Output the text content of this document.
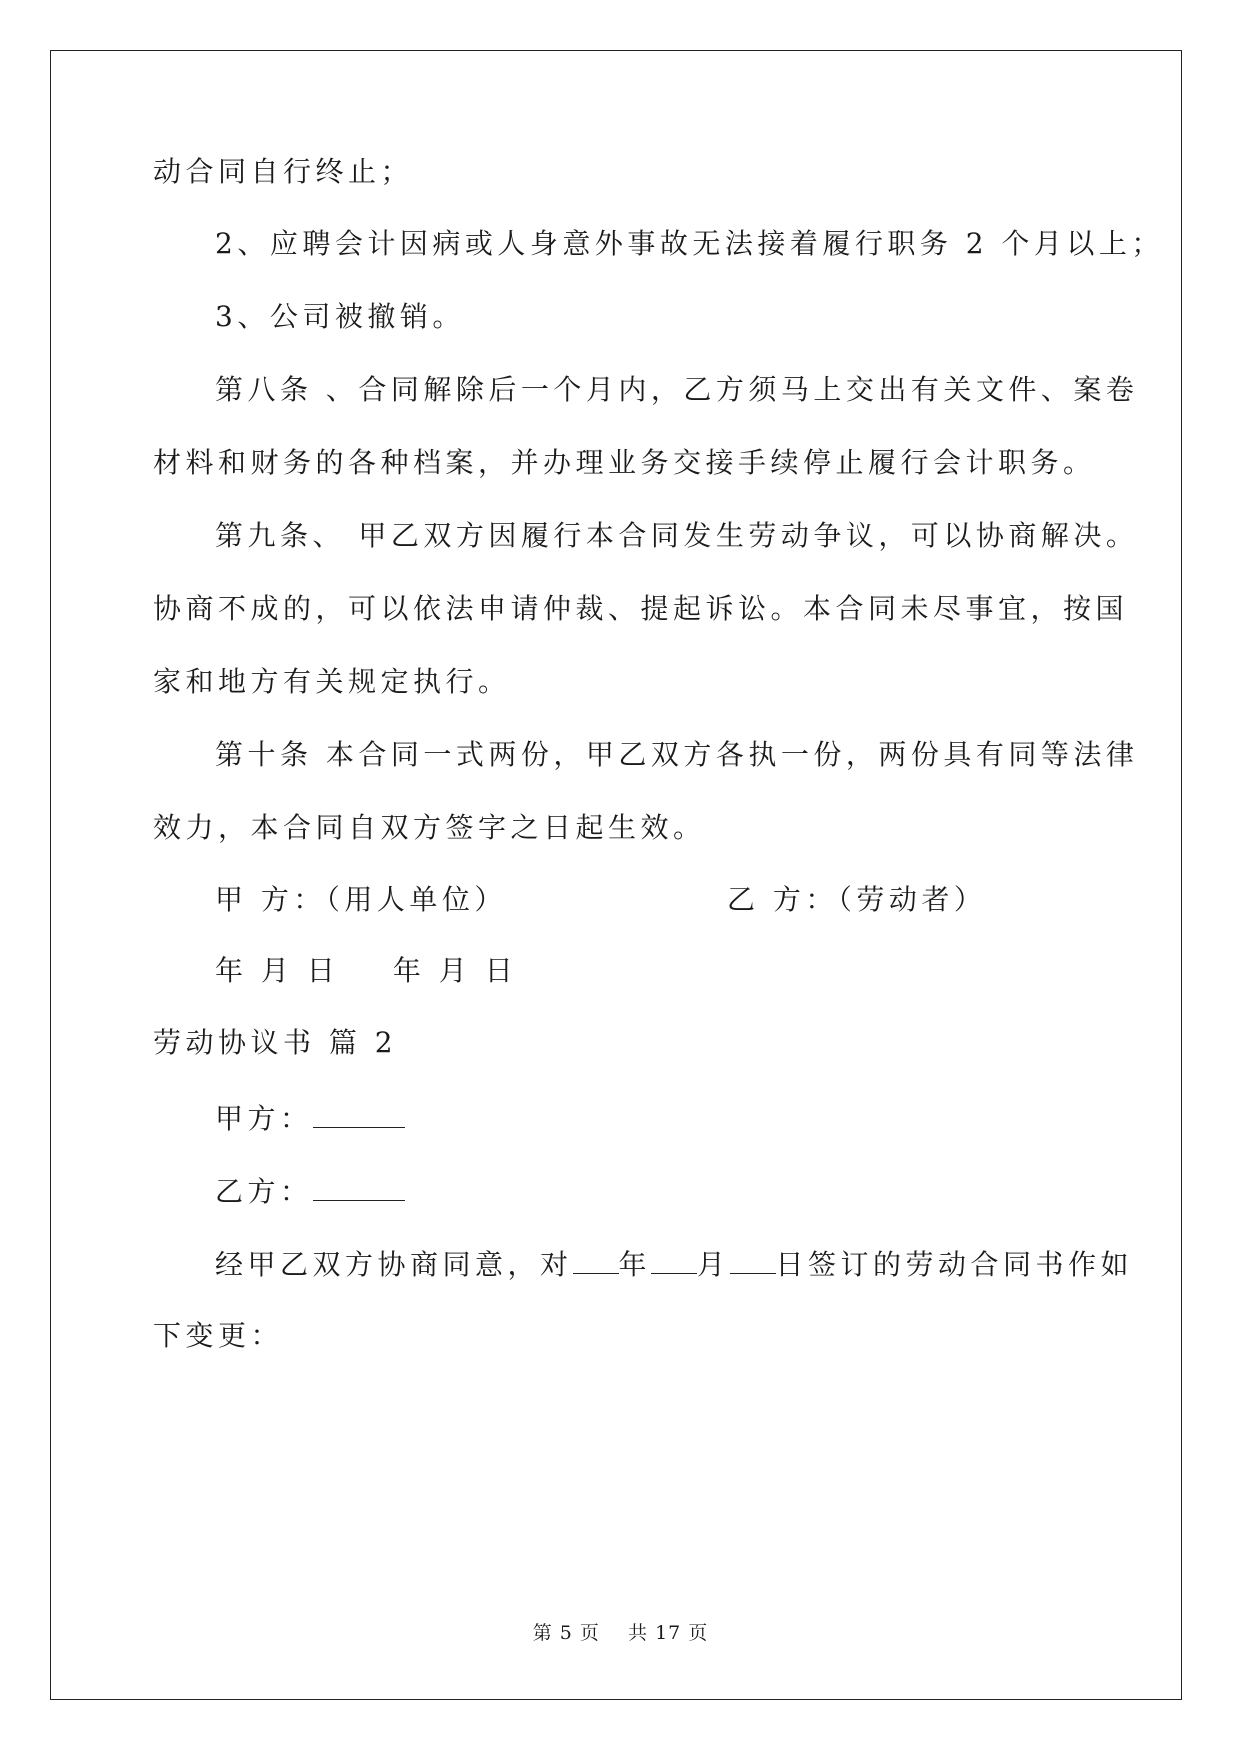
动合同自行终止；
2、应聘会计因病或人身意外事故无法接着履行职务 2 个月以上；
3、公司被撤销。
第八条 、合同解除后一个月内，乙方须马上交出有关文件、案卷
材料和财务的各种档案，并办理业务交接手续停止履行会计职务。
第九条、 甲乙双方因履行本合同发生劳动争议，可以协商解决。
协商不成的，可以依法申请仲裁、提起诉讼。本合同未尽事宜，按国
家和地方有关规定执行。
第十条 本合同一式两份，甲乙双方各执一份，两份具有同等法律
效力，本合同自双方签字之日起生效。
甲 方：（用人单位）	乙 方：（劳动者）
年 月 日    年 月 日
劳动协议书 篇 2
甲方：
乙方：
经甲乙双方协商同意，对 年 月 日签订的劳动合同书作如
下变更：
第 5 页 共 17 页
